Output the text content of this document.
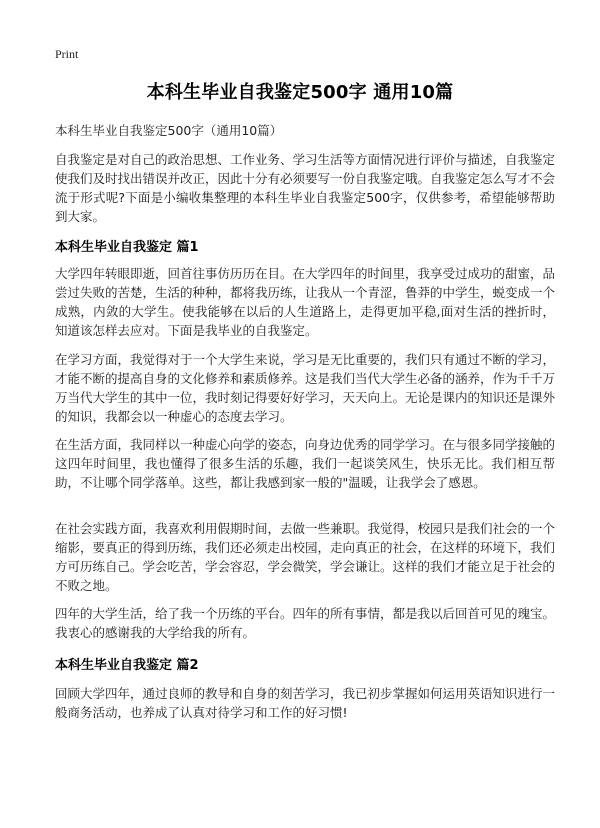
Print
本科生毕业自我鉴定500字 通用10篇
本科生毕业自我鉴定500字（通用10篇）

自我鉴定是对自己的政治思想、工作业务、学习生活等方面情况进行评价与描述，自我鉴定使我们及时找出错误并改正，因此十分有必须要写一份自我鉴定哦。自我鉴定怎么写才不会流于形式呢?下面是小编收集整理的本科生毕业自我鉴定500字，仅供参考，希望能够帮助到大家。

本科生毕业自我鉴定 篇1

大学四年转眼即逝，回首往事仿历历在目。在大学四年的时间里，我享受过成功的甜蜜，品尝过失败的苦楚，生活的种种，都将我历练，让我从一个青涩，鲁莽的中学生，蜕变成一个成熟，内敛的大学生。使我能够在以后的人生道路上，走得更加平稳,面对生活的挫折时，知道该怎样去应对。下面是我毕业的自我鉴定。

在学习方面，我觉得对于一个大学生来说，学习是无比重要的，我们只有通过不断的学习，才能不断的提高自身的文化修养和素质修养。这是我们当代大学生必备的涵养，作为千千万万当代大学生的其中一位，我时刻记得要好好学习，天天向上。无论是课内的知识还是课外的知识，我都会以一种虚心的态度去学习。

在生活方面，我同样以一种虚心向学的姿态，向身边优秀的同学学习。在与很多同学接触的这四年时间里，我也懂得了很多生活的乐趣，我们一起谈笑风生，快乐无比。我们相互帮助，不让哪个同学落单。这些，都让我感到家一般的"温暖，让我学会了感恩。

在社会实践方面，我喜欢利用假期时间，去做一些兼职。我觉得，校园只是我们社会的一个缩影，要真正的得到历练，我们还必须走出校园，走向真正的社会，在这样的环境下，我们方可历练自己。学会吃苦，学会容忍，学会微笑，学会谦让。这样的我们才能立足于社会的不败之地。

四年的大学生活，给了我一个历练的平台。四年的所有事情，都是我以后回首可见的瑰宝。我衷心的感谢我的大学给我的所有。

本科生毕业自我鉴定 篇2

回顾大学四年，通过良师的教导和自身的刻苦学习，我已初步掌握如何运用英语知识进行一般商务活动，也养成了认真对待学习和工作的好习惯!
